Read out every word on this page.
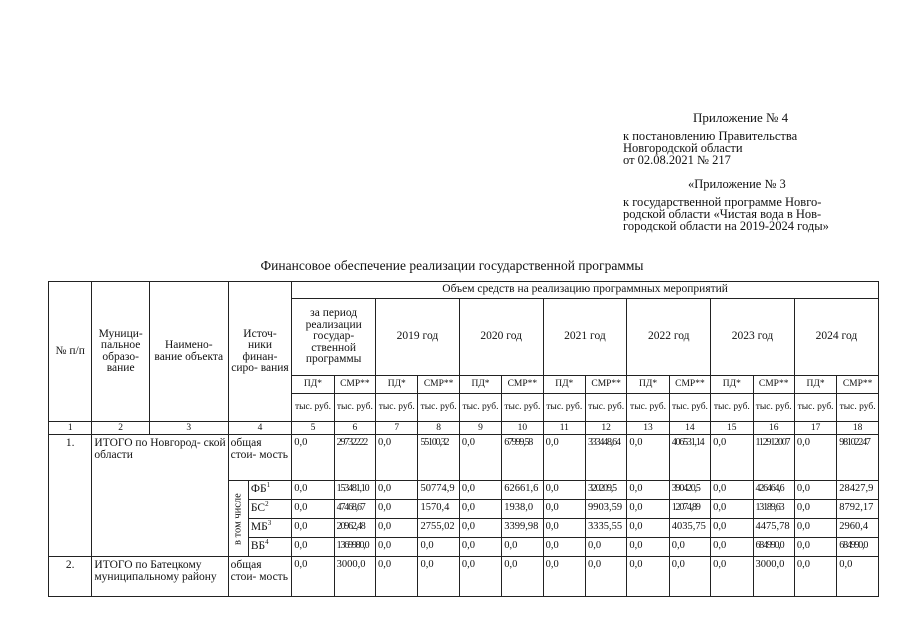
Приложение № 4
к постановлению Правительства
Новгородской области
от 02.08.2021 № 217
«Приложение № 3
к государственной программе Новго-
родской области «Чистая вода в Нов-
городской области на 2019-2024 годы»
Финансовое обеспечение реализации государственной программы
№ п/п	Муници- пальное образо- вание	Наимено- вание объекта	Источ- ники финан- сиро- вания		Объем средств на реализацию программных мероприятий													
					за период реализации государ- ственной программы		2019 год		2020 год		2021 год		2022 год		2023 год		2024 год	
					ПД*	СМР**	ПД*	СМР**	ПД*	СМР**	ПД*	СМР**	ПД*	СМР**	ПД*	СМР**	ПД*	СМР**
					тыс. руб.	тыс. руб.	тыс. руб.	тыс. руб.	тыс. руб.	тыс. руб.	тыс. руб.	тыс. руб.	тыс. руб.	тыс. руб.	тыс. руб.	тыс. руб.	тыс. руб.	тыс. руб.
1	2	3	4		5	6	7	8	9	10	11	12	13	14	15	16	17	18
1.	ИТОГО по Новгород- ской области		общая стои- мость		0,0	29732222	0,0	55100,32	0,0	67999,58	0,0	333448,64	0,0	406531,14	0,0	112912007	0,0	98102247
			в том числе	$ФБ^1$	0,0	153481,10	0,0	50774,9	0,0	62661,6	0,0	320209,5	0,0	390420,5	0,0	426464,6	0,0	28427,9
				$БС^2$	0,0	47468,67	0,0	1570,4	0,0	1938,0	0,0	9903,59	0,0	12074,89	0,0	13189,63	0,0	8792,17
				$МБ^3$	0,0	20962,48	0,0	2755,02	0,0	3399,98	0,0	3335,55	0,0	4035,75	0,0	4475,78	0,0	2960,4
				$ВБ^4$	0,0	1369980,0	0,0	0,0	0,0	0,0	0,0	0,0	0,0	0,0	0,0	684990,0	0,0	684990,0
2.	ИТОГО по Батецкому муниципальному району		общая стои- мость		0,0	3000,0	0,0	0,0	0,0	0,0	0,0	0,0	0,0	0,0	0,0	3000,0	0,0	0,0
